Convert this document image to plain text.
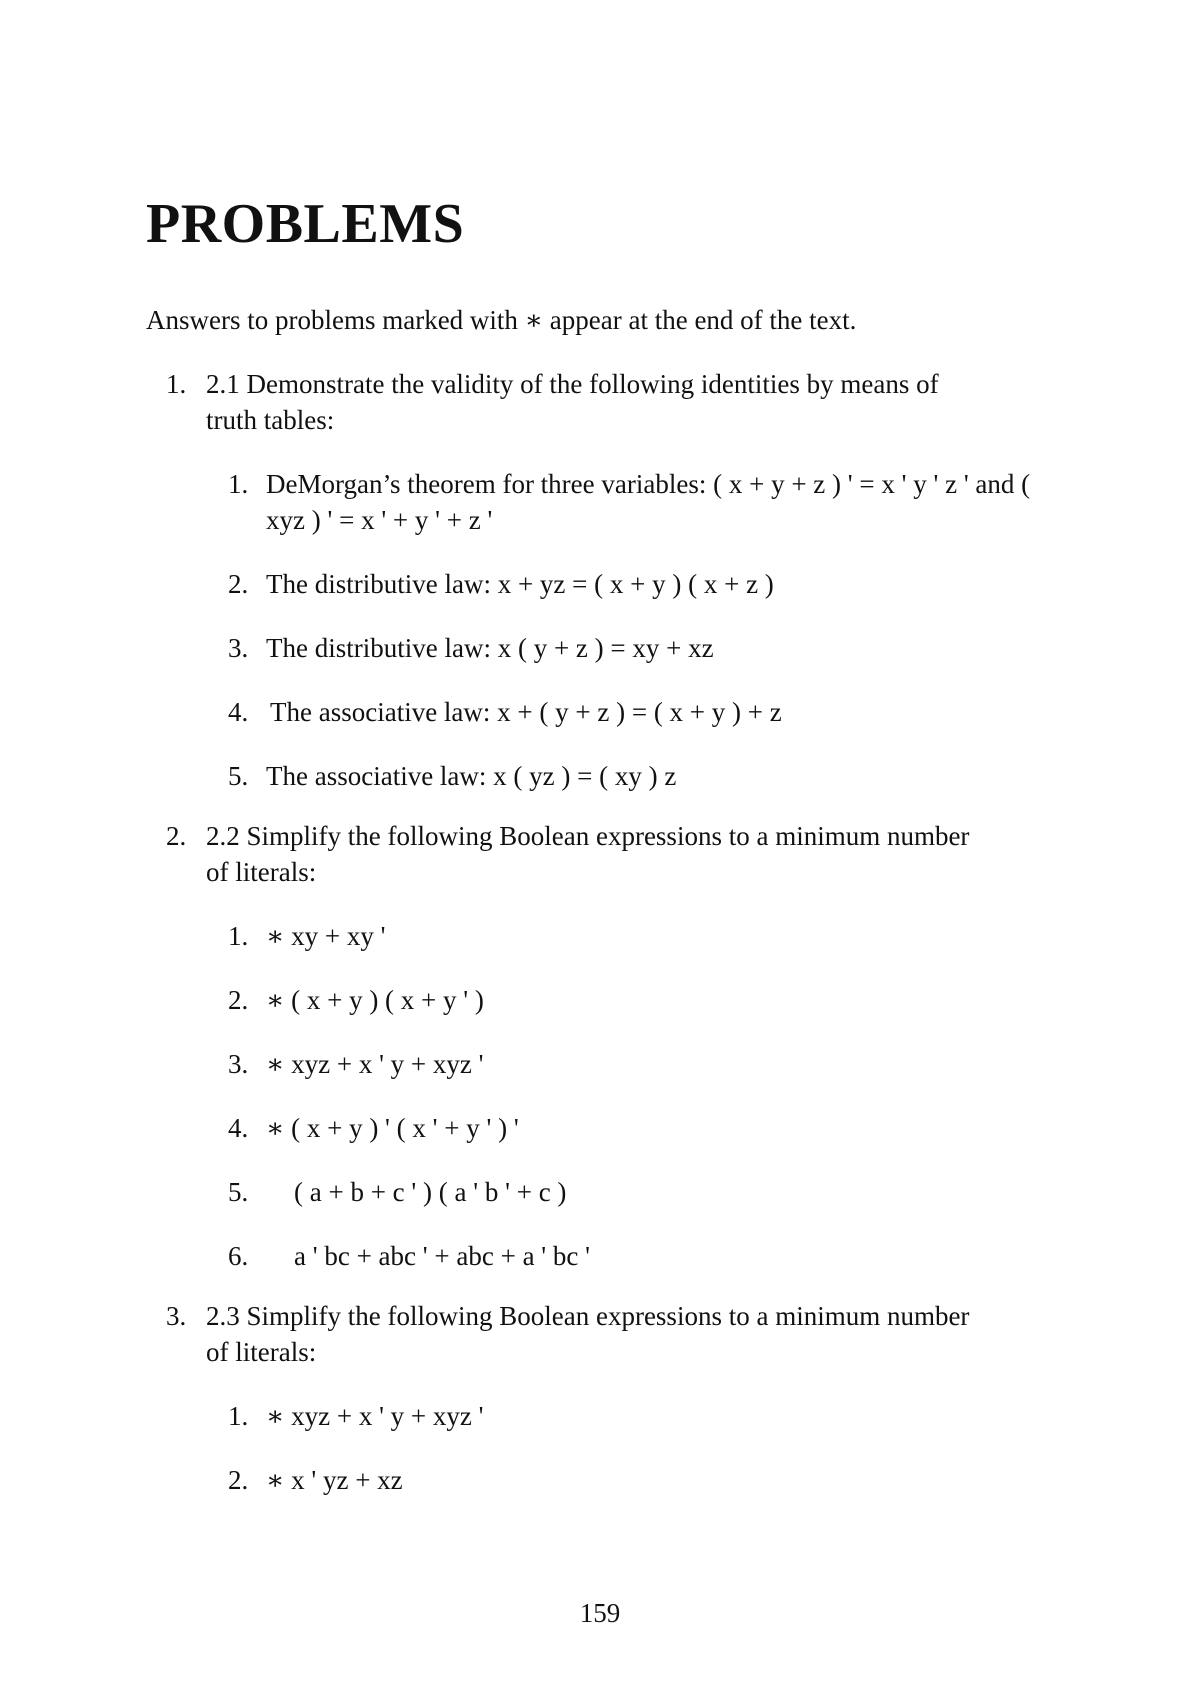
PROBLEMS

Answers to problems marked with ∗ appear at the end of the text.

1. 2.1 Demonstrate the validity of the following identities by means of truth tables:
1. DeMorgan’s theorem for three variables: ( x + y + z ) ' = x ' y ' z ' and ( xyz ) ' = x ' + y ' + z '
2. The distributive law: x + yz = ( x + y ) ( x + z )
3. The distributive law: x ( y + z ) = xy + xz
4. The associative law: x + ( y + z ) = ( x + y ) + z
5. The associative law: x ( yz ) = ( xy ) z
2. 2.2 Simplify the following Boolean expressions to a minimum number of literals:
1. ∗ xy + xy '
2. ∗ ( x + y ) ( x + y ' )
3. ∗ xyz + x ' y + xyz '
4. ∗ ( x + y ) ' ( x ' + y ' ) '
5.	( a + b + c ' ) ( a ' b ' + c )
6.	a ' bc + abc ' + abc + a ' bc '
3. 2.3 Simplify the following Boolean expressions to a minimum number of literals:
1. ∗ xyz + x ' y + xyz '
2. ∗ x ' yz + xz
159
